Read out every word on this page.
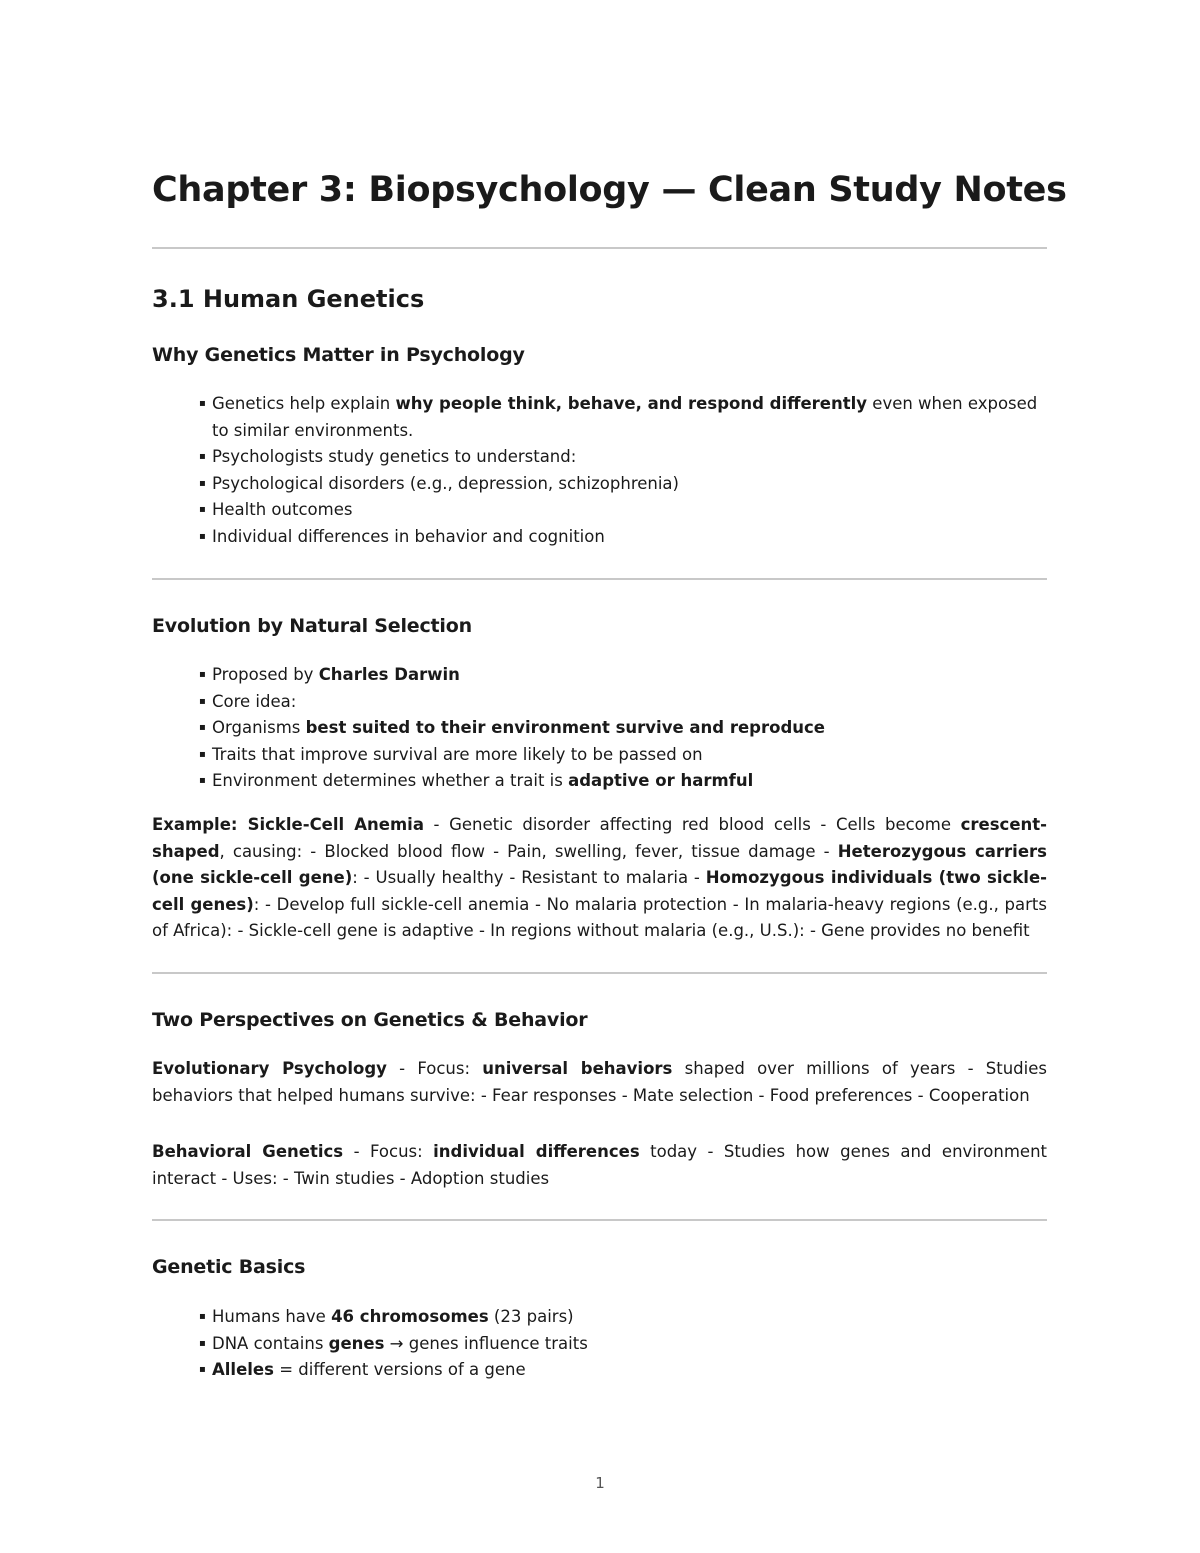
Chapter 3: Biopsychology — Clean Study Notes
3.1 Human Genetics
Why Genetics Matter in Psychology
▪ Genetics help explain why people think, behave, and respond differently even when exposed to similar environments.
▪ Psychologists study genetics to understand:
▪ Psychological disorders (e.g., depression, schizophrenia)
▪ Health outcomes
▪ Individual differences in behavior and cognition
Evolution by Natural Selection
▪ Proposed by Charles Darwin
▪ Core idea:
▪ Organisms best suited to their environment survive and reproduce
▪ Traits that improve survival are more likely to be passed on
▪ Environment determines whether a trait is adaptive or harmful

Example: Sickle-Cell Anemia - Genetic disorder affecting red blood cells - Cells become crescent-shaped, causing: - Blocked blood flow - Pain, swelling, fever, tissue damage - Heterozygous carriers (one sickle-cell gene): - Usually healthy - Resistant to malaria - Homozygous individuals (two sickle-cell genes): - Develop full sickle-cell anemia - No malaria protection - In malaria-heavy regions (e.g., parts of Africa): - Sickle-cell gene is adaptive - In regions without malaria (e.g., U.S.): - Gene provides no benefit

Two Perspectives on Genetics & Behavior

Evolutionary Psychology - Focus: universal behaviors shaped over millions of years - Studies behaviors that helped humans survive: - Fear responses - Mate selection - Food preferences - Cooperation

Behavioral Genetics - Focus: individual differences today - Studies how genes and environment interact - Uses: - Twin studies - Adoption studies

Genetic Basics
▪ Humans have 46 chromosomes (23 pairs)
▪ DNA contains genes → genes influence traits
▪ Alleles = different versions of a gene
1
